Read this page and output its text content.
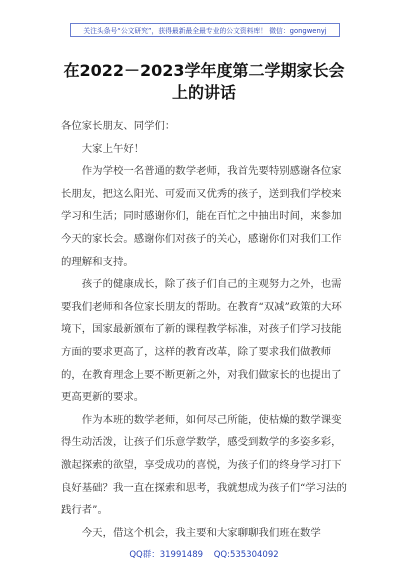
关注头条号“公文研究”，获得最新最全最专业的公文资料库！ 微信：gongwenyj
在2022－2023学年度第二学期家长会
上的讲话

各位家长朋友、同学们：

大家上午好！

作为学校一名普通的数学老师，我首先要特别感谢各位家长朋友，把这么阳光、可爱而又优秀的孩子，送到我们学校来学习和生活；同时感谢你们，能在百忙之中抽出时间，来参加今天的家长会。感谢你们对孩子的关心，感谢你们对我们工作的理解和支持。

孩子的健康成长，除了孩子们自己的主观努力之外，也需要我们老师和各位家长朋友的帮助。在教育“双减”政策的大环境下，国家最新颁布了新的课程教学标准，对孩子们学习技能方面的要求更高了，这样的教育改革，除了要求我们做教师的，在教育理念上要不断更新之外，对我们做家长的也提出了更高更新的要求。

作为本班的数学老师，如何尽己所能，使枯燥的数学课变得生动活泼，让孩子们乐意学数学，感受到数学的多姿多彩，激起探索的欲望，享受成功的喜悦，为孩子们的终身学习打下良好基础？我一直在探索和思考，我就想成为孩子们“学习法的践行者”。

今天，借这个机会，我主要和大家聊聊我们班在数学

QQ群：31991489 QQ:535304092
